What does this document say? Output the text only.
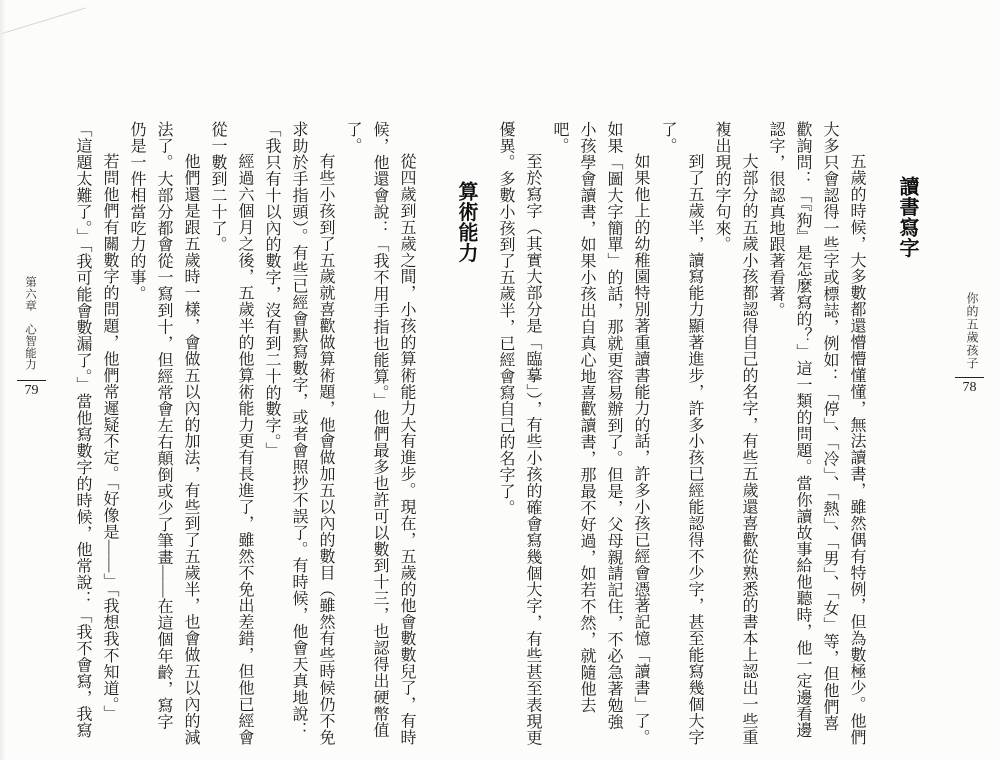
讀書寫字

五歲的時候，大多數都還懵懵懂懂，無法讀書，雖然偶有特例，但為數極少。他們大多只會認得一些字或標誌，例如：「停」、「冷」、「熱」、「男」、「女」等，但他們喜歡詢問：「『狗』是怎麼寫的？」這一類的問題。當你讀故事給他聽時，他一定邊看邊認字，很認真地跟著看著。

大部分的五歲小孩都認得自己的名字，有些五歲還喜歡從熟悉的書本上認出一些重複出現的字句來。

到了五歲半，讀寫能力顯著進步，許多小孩已經能認得不少字，甚至能寫幾個大字了。

如果他上的幼稚園特別著重讀書能力的話，許多小孩已經會憑著記憶「讀書」了。如果「圖大字簡單」的話，那就更容易辦到了。但是，父母親請記住，不必急著勉強小孩學會讀書，如果小孩出自真心地喜歡讀書，那最不好過，如若不然，就隨他去吧。

至於寫字（其實大部分是「臨摹」），有些小孩的確會寫幾個大字，有些甚至表現更優異。多數小孩到了五歲半，已經會寫自己的名字了。	你的五歲孩子
78
算術能力

從四歲到五歲之間，小孩的算術能力大有進步。現在，五歲的他會數數兒了，有時候，他還會說：「我不用手指也能算。」他們最多也許可以數到十三，也認得出硬幣值了。

有些小孩到了五歲就喜歡做算術題，他會做加五以內的數目（雖然有些時候仍不免求助於手指頭）。有些已經會默寫數字，或者會照抄不誤了。有時候，他會天真地說：「我只有十以內的數字，沒有到二十的數字。」

經過六個月之後，五歲半的他算術能力更有長進了，雖然不免出差錯，但他已經會從一數到二十了。

他們還是跟五歲時一樣，會做五以內的加法，有些到了五歲半，也會做五以內的減法了。大部分都會從一寫到十，但經常會左右顛倒或少了筆畫——在這個年齡，寫字仍是一件相當吃力的事。

若問他們有關數字的問題，他們常遲疑不定。「好像是——」「我想我不知道。」「這題太難了。」「我可能會數漏了。」當他寫數字的時候，他常說：「我不會寫，我寫

第六章　心智能力
79
